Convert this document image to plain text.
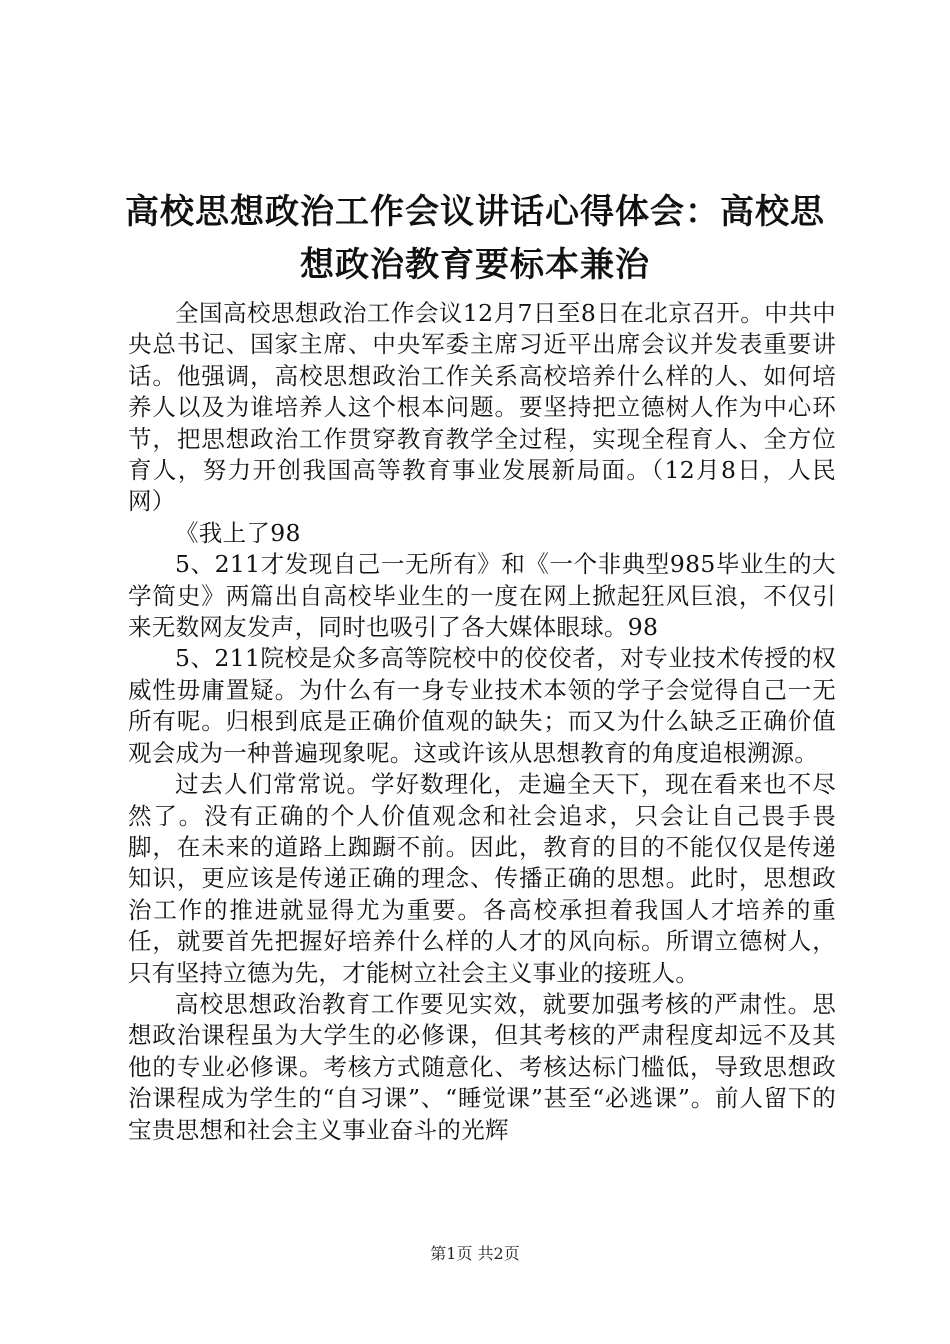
高校思想政治工作会议讲话心得体会：高校思想政治教育要标本兼治

全国高校思想政治工作会议12月7日至8日在北京召开。中共中央总书记、国家主席、中央军委主席习近平出席会议并发表重要讲话。他强调，高校思想政治工作关系高校培养什么样的人、如何培养人以及为谁培养人这个根本问题。要坚持把立德树人作为中心环节，把思想政治工作贯穿教育教学全过程，实现全程育人、全方位育人，努力开创我国高等教育事业发展新局面。（12月8日，人民网）

《我上了98

5、211才发现自己一无所有》和《一个非典型985毕业生的大学简史》两篇出自高校毕业生的一度在网上掀起狂风巨浪，不仅引来无数网友发声，同时也吸引了各大媒体眼球。98

5、211院校是众多高等院校中的佼佼者，对专业技术传授的权威性毋庸置疑。为什么有一身专业技术本领的学子会觉得自己一无所有呢。归根到底是正确价值观的缺失；而又为什么缺乏正确价值观会成为一种普遍现象呢。这或许该从思想教育的角度追根溯源。

过去人们常常说。学好数理化，走遍全天下，现在看来也不尽然了。没有正确的个人价值观念和社会追求，只会让自己畏手畏脚，在未来的道路上踟蹰不前。因此，教育的目的不能仅仅是传递知识，更应该是传递正确的理念、传播正确的思想。此时，思想政治工作的推进就显得尤为重要。各高校承担着我国人才培养的重任，就要首先把握好培养什么样的人才的风向标。所谓立德树人，只有坚持立德为先，才能树立社会主义事业的接班人。

高校思想政治教育工作要见实效，就要加强考核的严肃性。思想政治课程虽为大学生的必修课，但其考核的严肃程度却远不及其他的专业必修课。考核方式随意化、考核达标门槛低，导致思想政治课程成为学生的“自习课”、“睡觉课”甚至“必逃课”。前人留下的宝贵思想和社会主义事业奋斗的光辉

第1页 共2页
